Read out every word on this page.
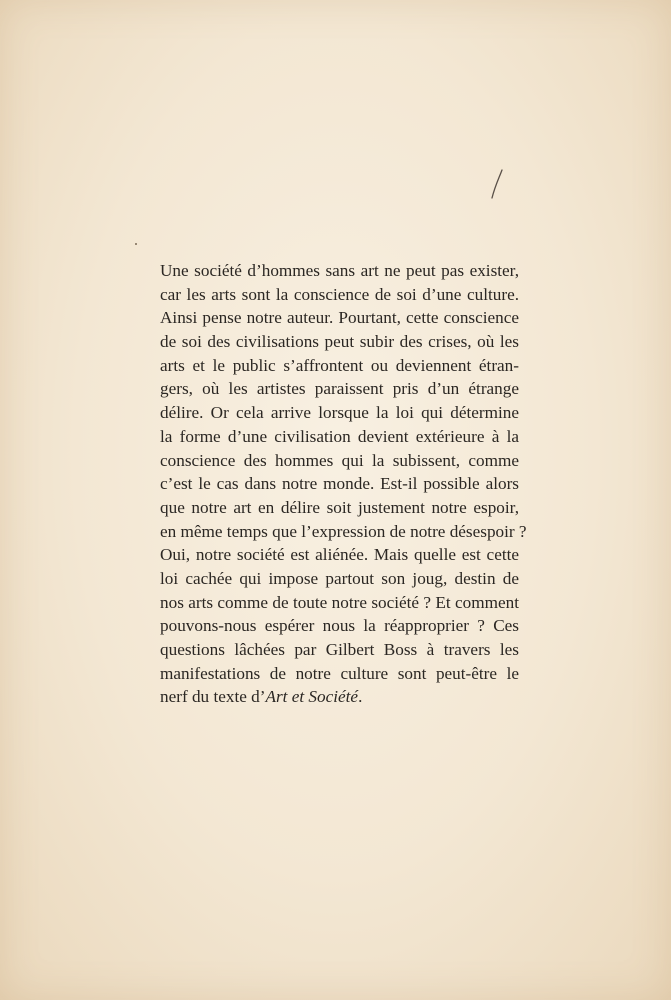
Une société d’hommes sans art ne peut pas exister,
car les arts sont la conscience de soi d’une culture.
Ainsi pense notre auteur. Pourtant, cette conscience
de soi des civilisations peut subir des crises, où les
arts et le public s’affrontent ou deviennent étran-
gers, où les artistes paraissent pris d’un étrange
délire. Or cela arrive lorsque la loi qui détermine
la forme d’une civilisation devient extérieure à la
conscience des hommes qui la subissent, comme
c’est le cas dans notre monde. Est-il possible alors
que notre art en délire soit justement notre espoir,
en même temps que l’expression de notre désespoir ?
Oui, notre société est aliénée. Mais quelle est cette
loi cachée qui impose partout son joug, destin de
nos arts comme de toute notre société ? Et comment
pouvons-nous espérer nous la réapproprier ? Ces
questions lâchées par Gilbert Boss à travers les
manifestations de notre culture sont peut-être le
nerf du texte d’Art et Société.
